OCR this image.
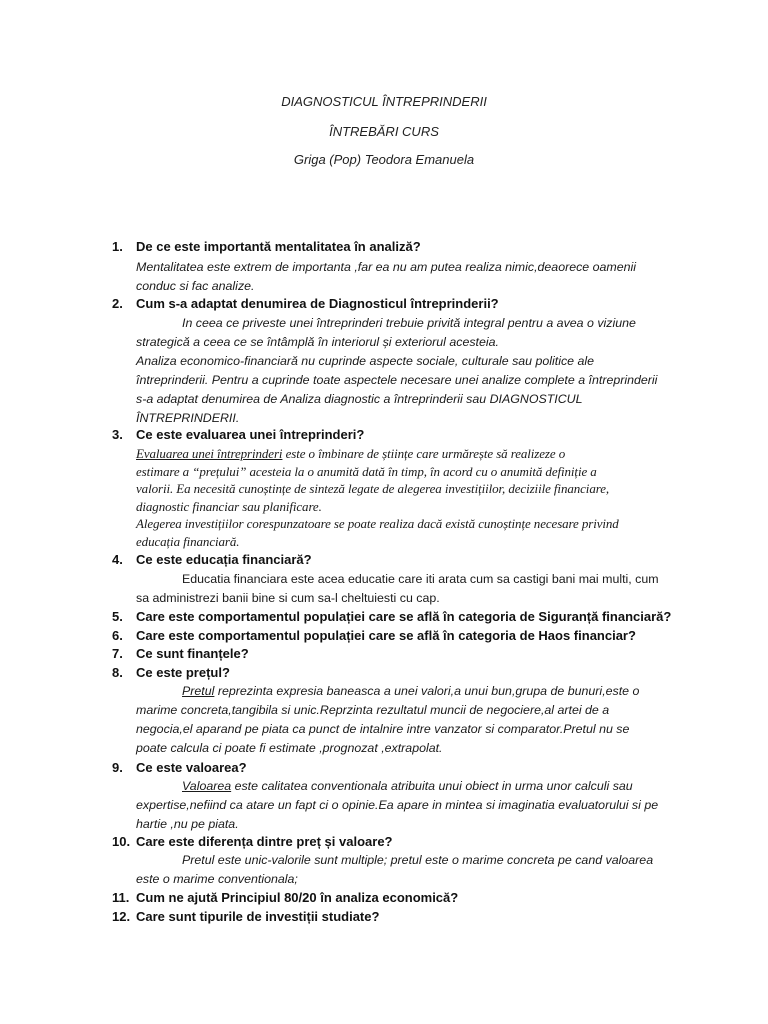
DIAGNOSTICUL ÎNTREPRINDERII
ÎNTREBĂRI CURS
Griga (Pop) Teodora Emanuela
1. De ce este importantă mentalitatea în analiză?
Mentalitatea este extrem de importanta ,far ea nu am putea realiza nimic,deaorece oamenii
conduc si fac analize.
2. Cum s-a adaptat denumirea de Diagnosticul întreprinderii?
In ceea ce priveste unei întreprinderi trebuie privită integral pentru a avea o viziune
strategică a ceea ce se întâmplă în interiorul și exteriorul acesteia.
Analiza economico-financiară nu cuprinde aspecte sociale, culturale sau politice ale
întreprinderii. Pentru a cuprinde toate aspectele necesare unei analize complete a întreprinderii
s-a adaptat denumirea de Analiza diagnostic a întreprinderii sau DIAGNOSTICUL
ÎNTREPRINDERII.
3. Ce este evaluarea unei întreprinderi?
Evaluarea unei întreprinderi este o îmbinare de științe care urmărește să realizeze o
estimare a “prețului” acesteia la o anumită dată în timp, în acord cu o anumită definiție a
valorii. Ea necesită cunoștințe de sinteză legate de alegerea investițiilor, deciziile financiare,
diagnostic financiar sau planificare.
Alegerea investițiilor corespunzatoare se poate realiza dacă există cunoștințe necesare privind
educația financiară.
4. Ce este educația financiară?
Educatia financiara este acea educatie care iti arata cum sa castigi bani mai multi, cum
sa administrezi banii bine si cum sa-l cheltuiesti cu cap.
5. Care este comportamentul populației care se află în categoria de Siguranță financiară?
6. Care este comportamentul populației care se află în categoria de Haos financiar?
7. Ce sunt finanțele?
8. Ce este prețul?
Pretul reprezinta expresia baneasca a unei valori,a unui bun,grupa de bunuri,este o
marime concreta,tangibila si unic.Reprzinta rezultatul muncii de negociere,al artei de a
negocia,el aparand pe piata ca punct de intalnire intre vanzator si comparator.Pretul nu se
poate calcula ci poate fi estimate ,prognozat ,extrapolat.
9. Ce este valoarea?
Valoarea este calitatea conventionala atribuita unui obiect in urma unor calculi sau
expertise,nefiind ca atare un fapt ci o opinie.Ea apare in mintea si imaginatia evaluatorului si pe
hartie ,nu pe piata.
10. Care este diferența dintre preț și valoare?
Pretul este unic-valorile sunt multiple; pretul este o marime concreta pe cand valoarea
este o marime conventionala;
11. Cum ne ajută Principiul 80/20 în analiza economică?
12. Care sunt tipurile de investiții studiate?
